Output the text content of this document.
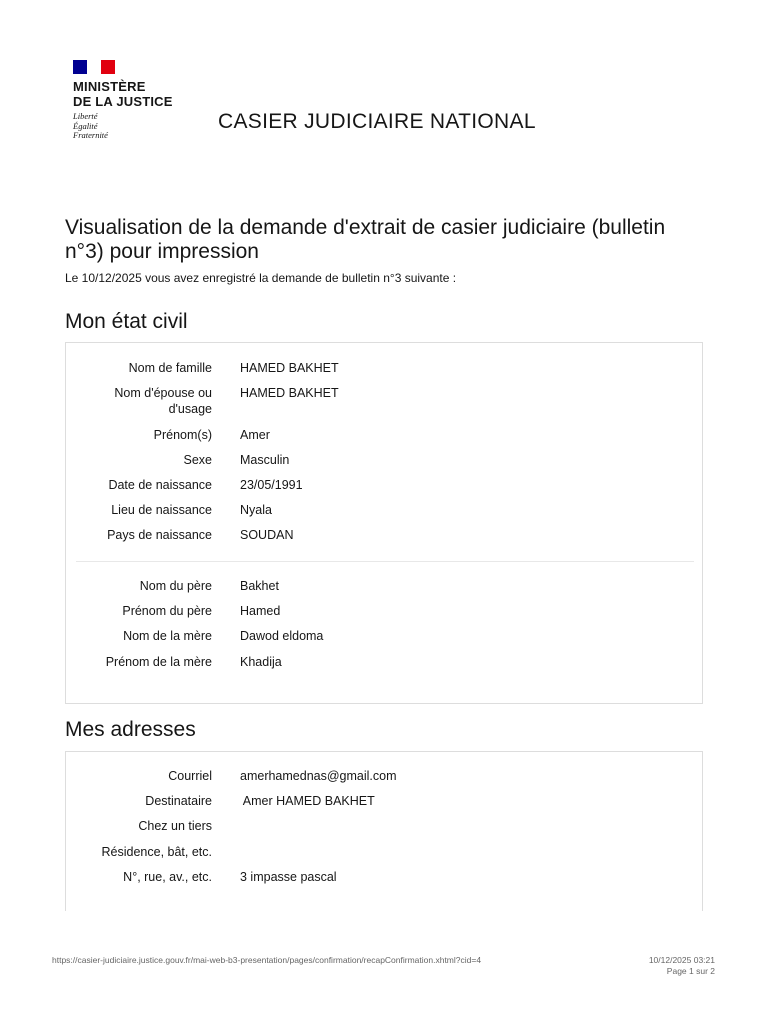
MINISTÈRE
DE LA JUSTICE
Liberté
Égalité
Fraternité
CASIER JUDICIAIRE NATIONAL
Visualisation de la demande d'extrait de casier judiciaire (bulletin n°3) pour impression

Le 10/12/2025 vous avez enregistré la demande de bulletin n°3 suivante :

Mon état civil
Nom de famille HAMED BAKHET
Nom d'épouse ou d'usage
HAMED BAKHET
Prénom(s) Amer
Sexe Masculin
Date de naissance 23/05/1991
Lieu de naissance Nyala
Pays de naissance SOUDAN
Nom du père Bakhet
Prénom du père Hamed
Nom de la mère Dawod eldoma
Prénom de la mère Khadija
Mes adresses
Courriel amerhamednas@gmail.com
Destinataire Amer HAMED BAKHET
Chez un tiers
Résidence, bât, etc.
N°, rue, av., etc. 3 impasse pascal
https://casier-judiciaire.justice.gouv.fr/mai-web-b3-presentation/pages/confirmation/recapConfirmation.xhtml?cid=4	10/12/2025 03:21
Page 1 sur 2
